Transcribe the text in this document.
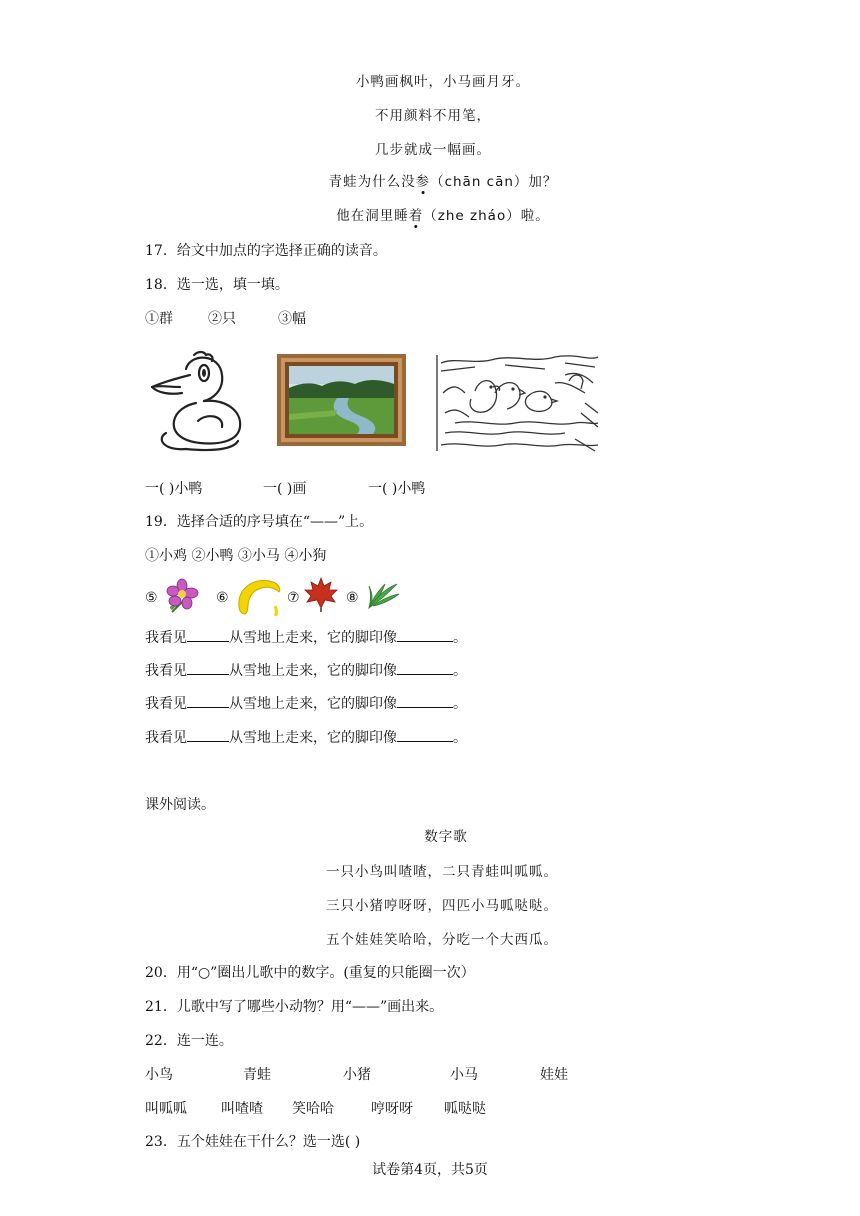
小鸭画枫叶，小马画月牙。
不用颜料不用笔，
几步就成一幅画。
青蛙为什么没参（chān cān）加？
他在洞里睡着（zhe zháo）啦。
17．给文中加点的字选择正确的读音。
18．选一选，填一填。
①群	②只	③幅
一( )小鸭	一( )画	一( )小鸭
19．选择合适的序号填在“——”上。
①小鸡 ②小鸭 ③小马 ④小狗
⑤	⑥	⑦	⑧
我看见	从雪地上走来，它的脚印像	。
我看见	从雪地上走来，它的脚印像	。
我看见	从雪地上走来，它的脚印像	。
我看见	从雪地上走来，它的脚印像	。
课外阅读。
数字歌
一只小鸟叫喳喳，二只青蛙叫呱呱。
三只小猪哼呀呀，四匹小马呱哒哒。
五个娃娃笑哈哈，分吃一个大西瓜。
20．用“○”圈出儿歌中的数字。(重复的只能圈一次）
21．儿歌中写了哪些小动物？用“——”画出来。
22．连一连。
小鸟	青蛙	小猪	小马	娃娃
叫呱呱 叫喳喳 笑哈哈	哼呀呀 呱哒哒
23．五个娃娃在干什么？选一选( )
试卷第4页，共5页
